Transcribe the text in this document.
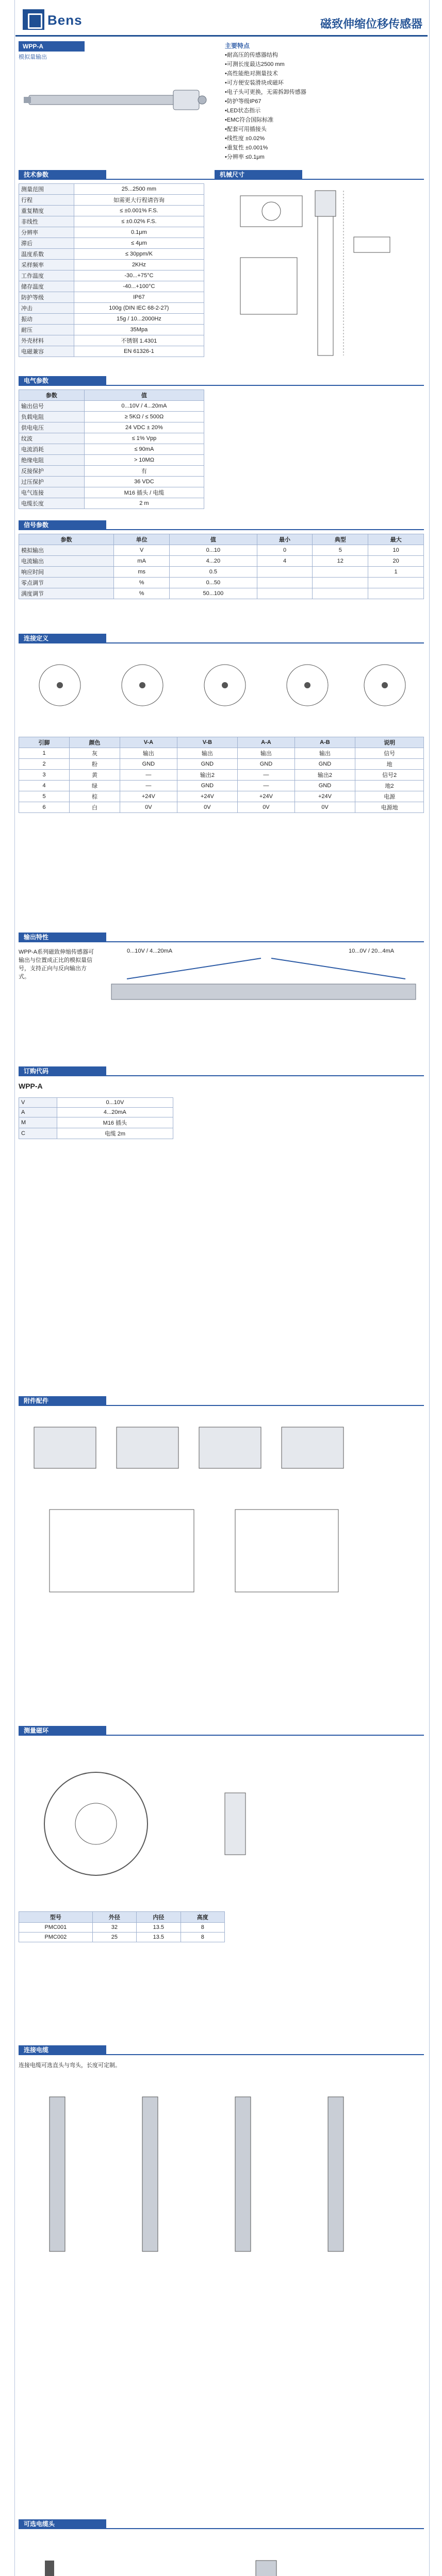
Bens	磁致伸缩位移传感器
WPP-A
模拟量输出
主要特点
•耐高压的传感器结构
•可测长度最达2500 mm
•高性能绝对测量技术
•可方便安装滑块或磁环
•电子头可更换，无需拆卸传感器
•防护等级IP67
•LED状态指示
•EMC符合国际标准
•配套可用插接头
•线性度 ±0.02%
•重复性 ±0.001%
•分辨率 ≤0.1μm
技术参数
测量范围	25...2500 mm
行程	如需更大行程请咨询
重复精度	≤ ±0.001% F.S.
非线性	≤ ±0.02% F.S.
分辨率	0.1μm
滞后	≤ 4μm
温度系数	≤ 30ppm/K
采样频率	2KHz
工作温度	-30...+75°C
储存温度	-40...+100°C
防护等级	IP67
冲击	100g (DIN IEC 68-2-27)
振动	15g / 10...2000Hz
耐压	35Mpa
外壳材料	不锈钢 1.4301
电磁兼容	EN 61326-1
机械尺寸
电气参数
参数	值
输出信号	0...10V / 4...20mA
负载电阻	≥ 5KΩ / ≤ 500Ω
供电电压	24 VDC ± 20%
纹波	≤ 1% Vpp
电流消耗	≤ 90mA
绝缘电阻	> 10MΩ
反接保护	有
过压保护	36 VDC
电气连接	M16 插头 / 电缆
电缆长度	2 m
信号参数
参数	单位	值	最小	典型	最大
模拟输出	V	0...10	0	5	10
电流输出	mA	4...20	4	12	20
响应时间	ms	0.5			1
零点调节	%	0...50			
满度调节	%	50...100			
连接定义
引脚	颜色	V-A	V-B	A-A	A-B	说明
1	灰	输出	输出	输出	输出	信号
2	粉	GND	GND	GND	GND	地
3	黄	—	输出2	—	输出2	信号2
4	绿	—	GND	—	GND	地2
5	棕	+24V	+24V	+24V	+24V	电源
6	白	0V	0V	0V	0V	电源地
输出特性
WPP-A系列磁致伸缩传感器可输出与位置成正比的模拟量信号，支持正向与反向输出方式。
0...10V / 4...20mA	10...0V / 20...4mA
订购代码
WPP-A
V	0...10V
A	4...20mA
M	M16 插头
C	电缆 2m
附件配件
测量磁环
型号	外径	内径	高度
PMC001	32	13.5	8
PMC002	25	13.5	8
连接电缆
连接电缆可选直头与弯头，长度可定制。
可选电缆头
